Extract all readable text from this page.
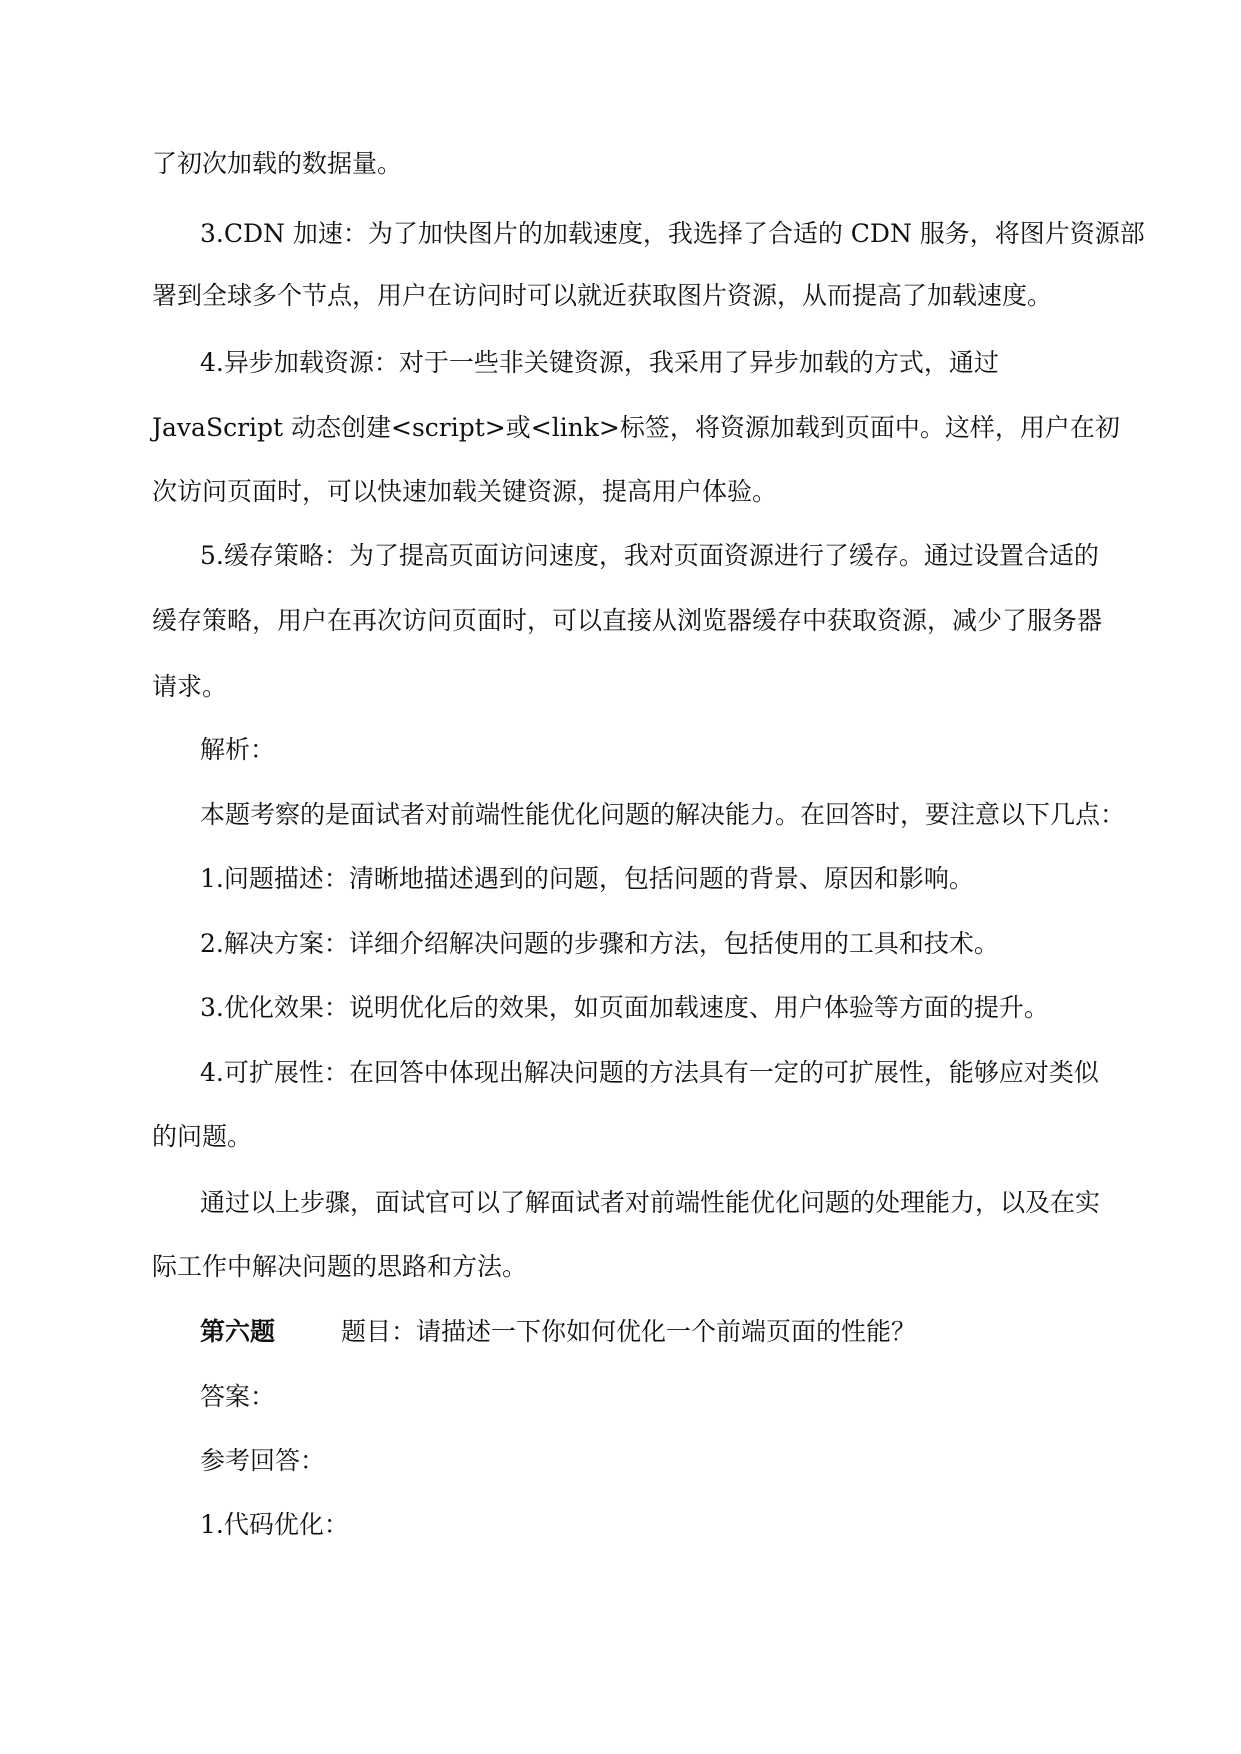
了初次加载的数据量。

3.CDN 加速：为了加快图片的加载速度，我选择了合适的 CDN 服务，将图片资源部

署到全球多个节点，用户在访问时可以就近获取图片资源，从而提高了加载速度。

4.异步加载资源：对于一些非关键资源，我采用了异步加载的方式，通过

JavaScript 动态创建<script>或<link>标签，将资源加载到页面中。这样，用户在初

次访问页面时，可以快速加载关键资源，提高用户体验。

5.缓存策略：为了提高页面访问速度，我对页面资源进行了缓存。通过设置合适的

缓存策略，用户在再次访问页面时，可以直接从浏览器缓存中获取资源，减少了服务器

请求。

解析：

本题考察的是面试者对前端性能优化问题的解决能力。在回答时，要注意以下几点：

1.问题描述：清晰地描述遇到的问题，包括问题的背景、原因和影响。

2.解决方案：详细介绍解决问题的步骤和方法，包括使用的工具和技术。

3.优化效果：说明优化后的效果，如页面加载速度、用户体验等方面的提升。

4.可扩展性：在回答中体现出解决问题的方法具有一定的可扩展性，能够应对类似

的问题。

通过以上步骤，面试官可以了解面试者对前端性能优化问题的处理能力，以及在实

际工作中解决问题的思路和方法。

第六题	题目：请描述一下你如何优化一个前端页面的性能？

答案：

参考回答：

1.代码优化：
